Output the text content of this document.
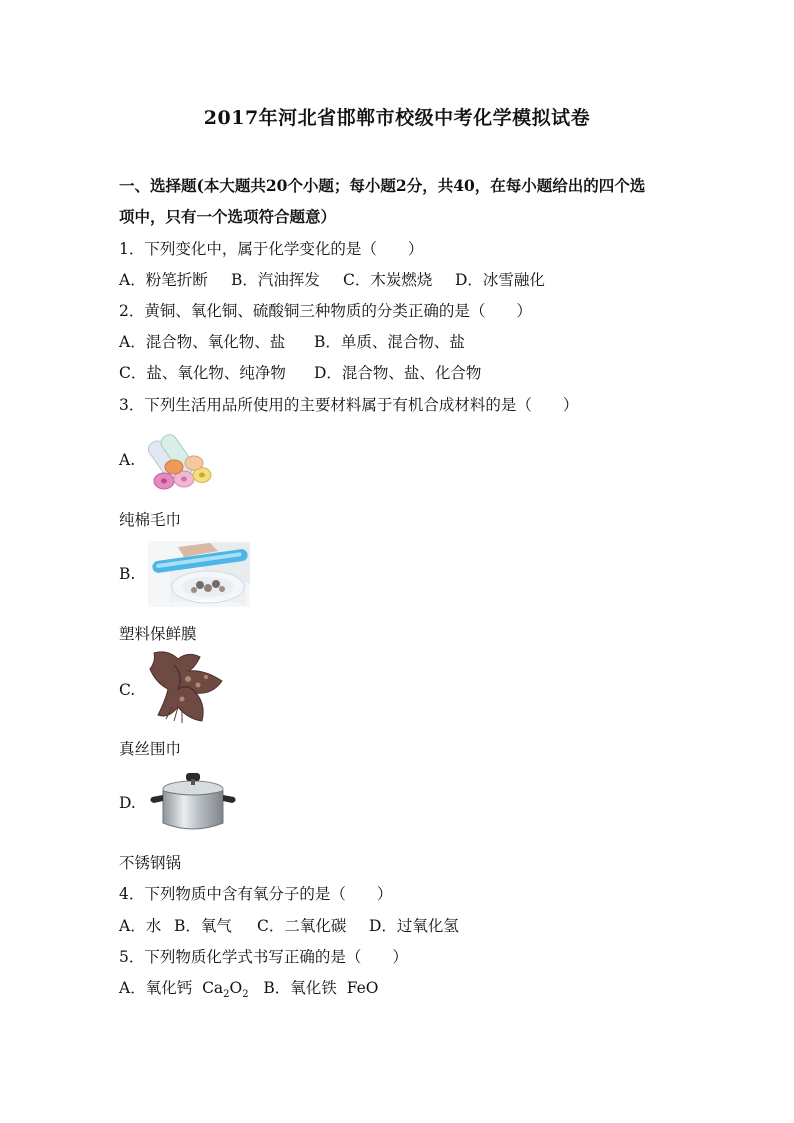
2017年河北省邯郸市校级中考化学模拟试卷
一、选择题(本大题共20个小题；每小题2分，共40，在每小题给出的四个选
项中，只有一个选项符合题意）
1．下列变化中，属于化学变化的是（　　）
A．粉笔折断 B．汽油挥发 C．木炭燃烧 D．冰雪融化
2．黄铜、氧化铜、硫酸铜三种物质的分类正确的是（　　）
A．混合物、氧化物、盐 B．单质、混合物、盐
C．盐、氧化物、纯净物 D．混合物、盐、化合物
3．下列生活用品所使用的主要材料属于有机合成材料的是（　　）
A.
纯棉毛巾
B.
塑料保鲜膜
C.
真丝围巾
D.
不锈钢锅
4．下列物质中含有氧分子的是（　　）
A．水 B．氧气 C．二氧化碳 D．过氧化氢
5．下列物质化学式书写正确的是（　　）
A．氧化钙 $Ca_2O_2$ B．氧化铁 FeO
